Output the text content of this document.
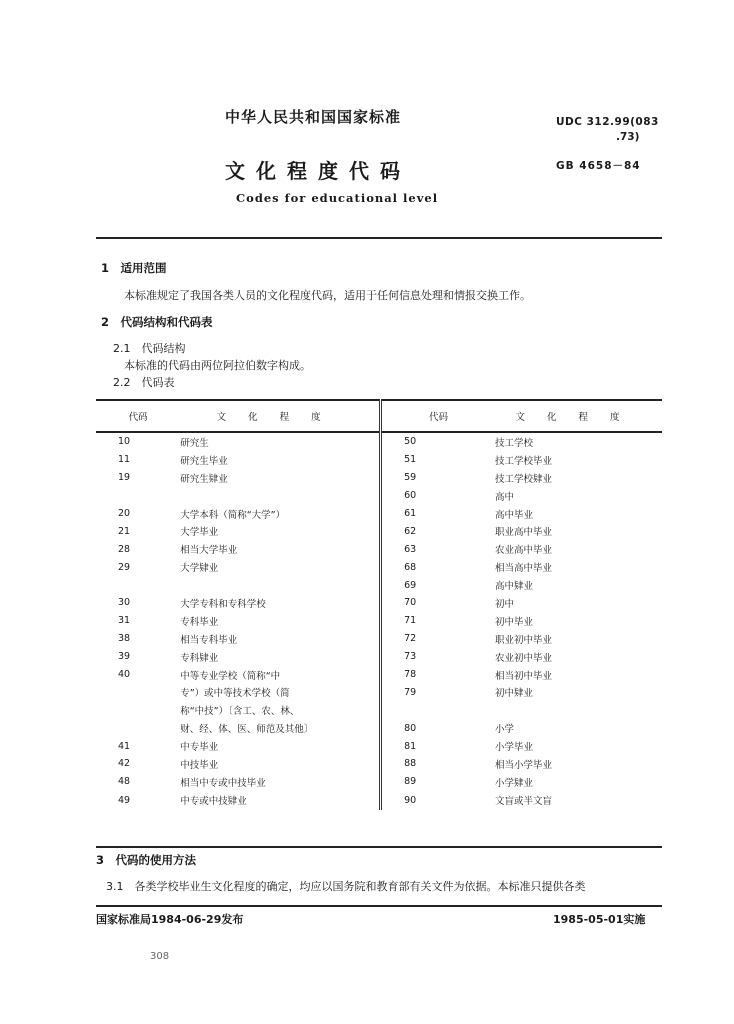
中华人民共和国国家标准
文化程度代码
Codes for educational level
UDC 312.99(083
.73)
GB 4658－84
1　适用范围
本标准规定了我国各类人员的文化程度代码，适用于任何信息处理和情报交换工作。
2　代码结构和代码表
2.1　代码结构
本标准的代码由两位阿拉伯数字构成。
2.2　代码表
代码	文化程度	代码	文化程度
10	研究生	50	技工学校
11	研究生毕业	51	技工学校毕业
19	研究生肄业	59	技工学校肄业
		60	高中
20	大学本科（简称“大学”）	61	高中毕业
21	大学毕业	62	职业高中毕业
28	相当大学毕业	63	农业高中毕业
29	大学肄业	68	相当高中毕业
		69	高中肄业
30	大学专科和专科学校	70	初中
31	专科毕业	71	初中毕业
38	相当专科毕业	72	职业初中毕业
39	专科肄业	73	农业初中毕业
40	中等专业学校（简称“中	78	相当初中毕业
	专”）或中等技术学校（简	79	初中肄业
	称“中技”）〔含工、农、林、		
	财、经、体、医、师范及其他〕	80	小学
41	中专毕业	81	小学毕业
42	中技毕业	88	相当小学毕业
48	相当中专或中技毕业	89	小学肄业
49	中专或中技肄业	90	文盲或半文盲
3　代码的使用方法
3.1　各类学校毕业生文化程度的确定，均应以国务院和教育部有关文件为依据。本标准只提供各类
国家标准局1984-06-29发布	1985-05-01实施
308
